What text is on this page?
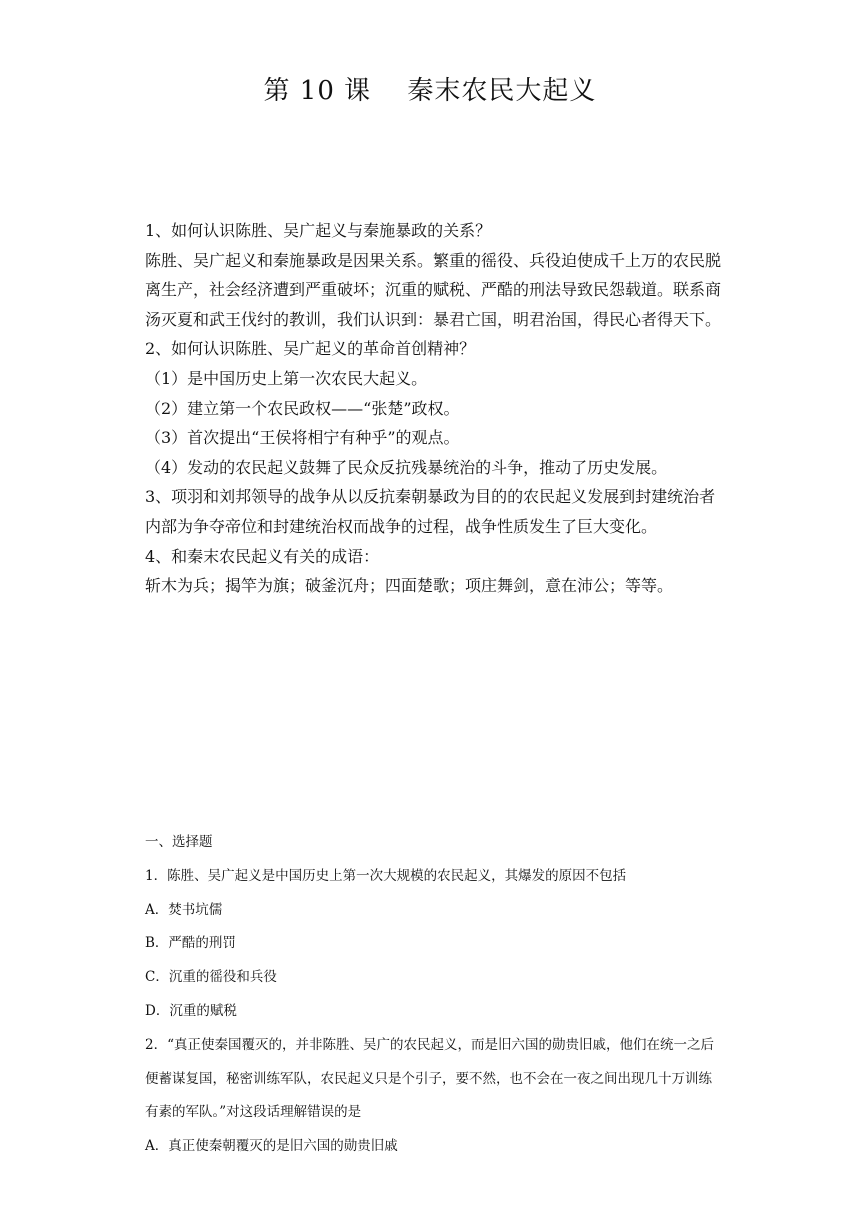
第 10 课　 秦末农民大起义

1、如何认识陈胜、吴广起义与秦施暴政的关系？

陈胜、吴广起义和秦施暴政是因果关系。繁重的徭役、兵役迫使成千上万的农民脱离生产，社会经济遭到严重破坏；沉重的赋税、严酷的刑法导致民怨载道。联系商汤灭夏和武王伐纣的教训，我们认识到：暴君亡国，明君治国，得民心者得天下。

2、如何认识陈胜、吴广起义的革命首创精神？

（1）是中国历史上第一次农民大起义。

（2）建立第一个农民政权——“张楚”政权。

（3）首次提出“王侯将相宁有种乎”的观点。

（4）发动的农民起义鼓舞了民众反抗残暴统治的斗争，推动了历史发展。

3、项羽和刘邦领导的战争从以反抗秦朝暴政为目的的农民起义发展到封建统治者内部为争夺帝位和封建统治权而战争的过程，战争性质发生了巨大变化。

4、和秦末农民起义有关的成语：

斩木为兵；揭竿为旗；破釜沉舟；四面楚歌；项庄舞剑，意在沛公；等等。

一、选择题

1．陈胜、吴广起义是中国历史上第一次大规模的农民起义，其爆发的原因不包括

A．焚书坑儒

B．严酷的刑罚

C．沉重的徭役和兵役

D．沉重的赋税

2．“真正使秦国覆灭的，并非陈胜、吴广的农民起义，而是旧六国的勋贵旧戚，他们在统一之后便蓄谋复国，秘密训练军队，农民起义只是个引子，要不然，也不会在一夜之间出现几十万训练有素的军队。”对这段话理解错误的是

A．真正使秦朝覆灭的是旧六国的勋贵旧戚
